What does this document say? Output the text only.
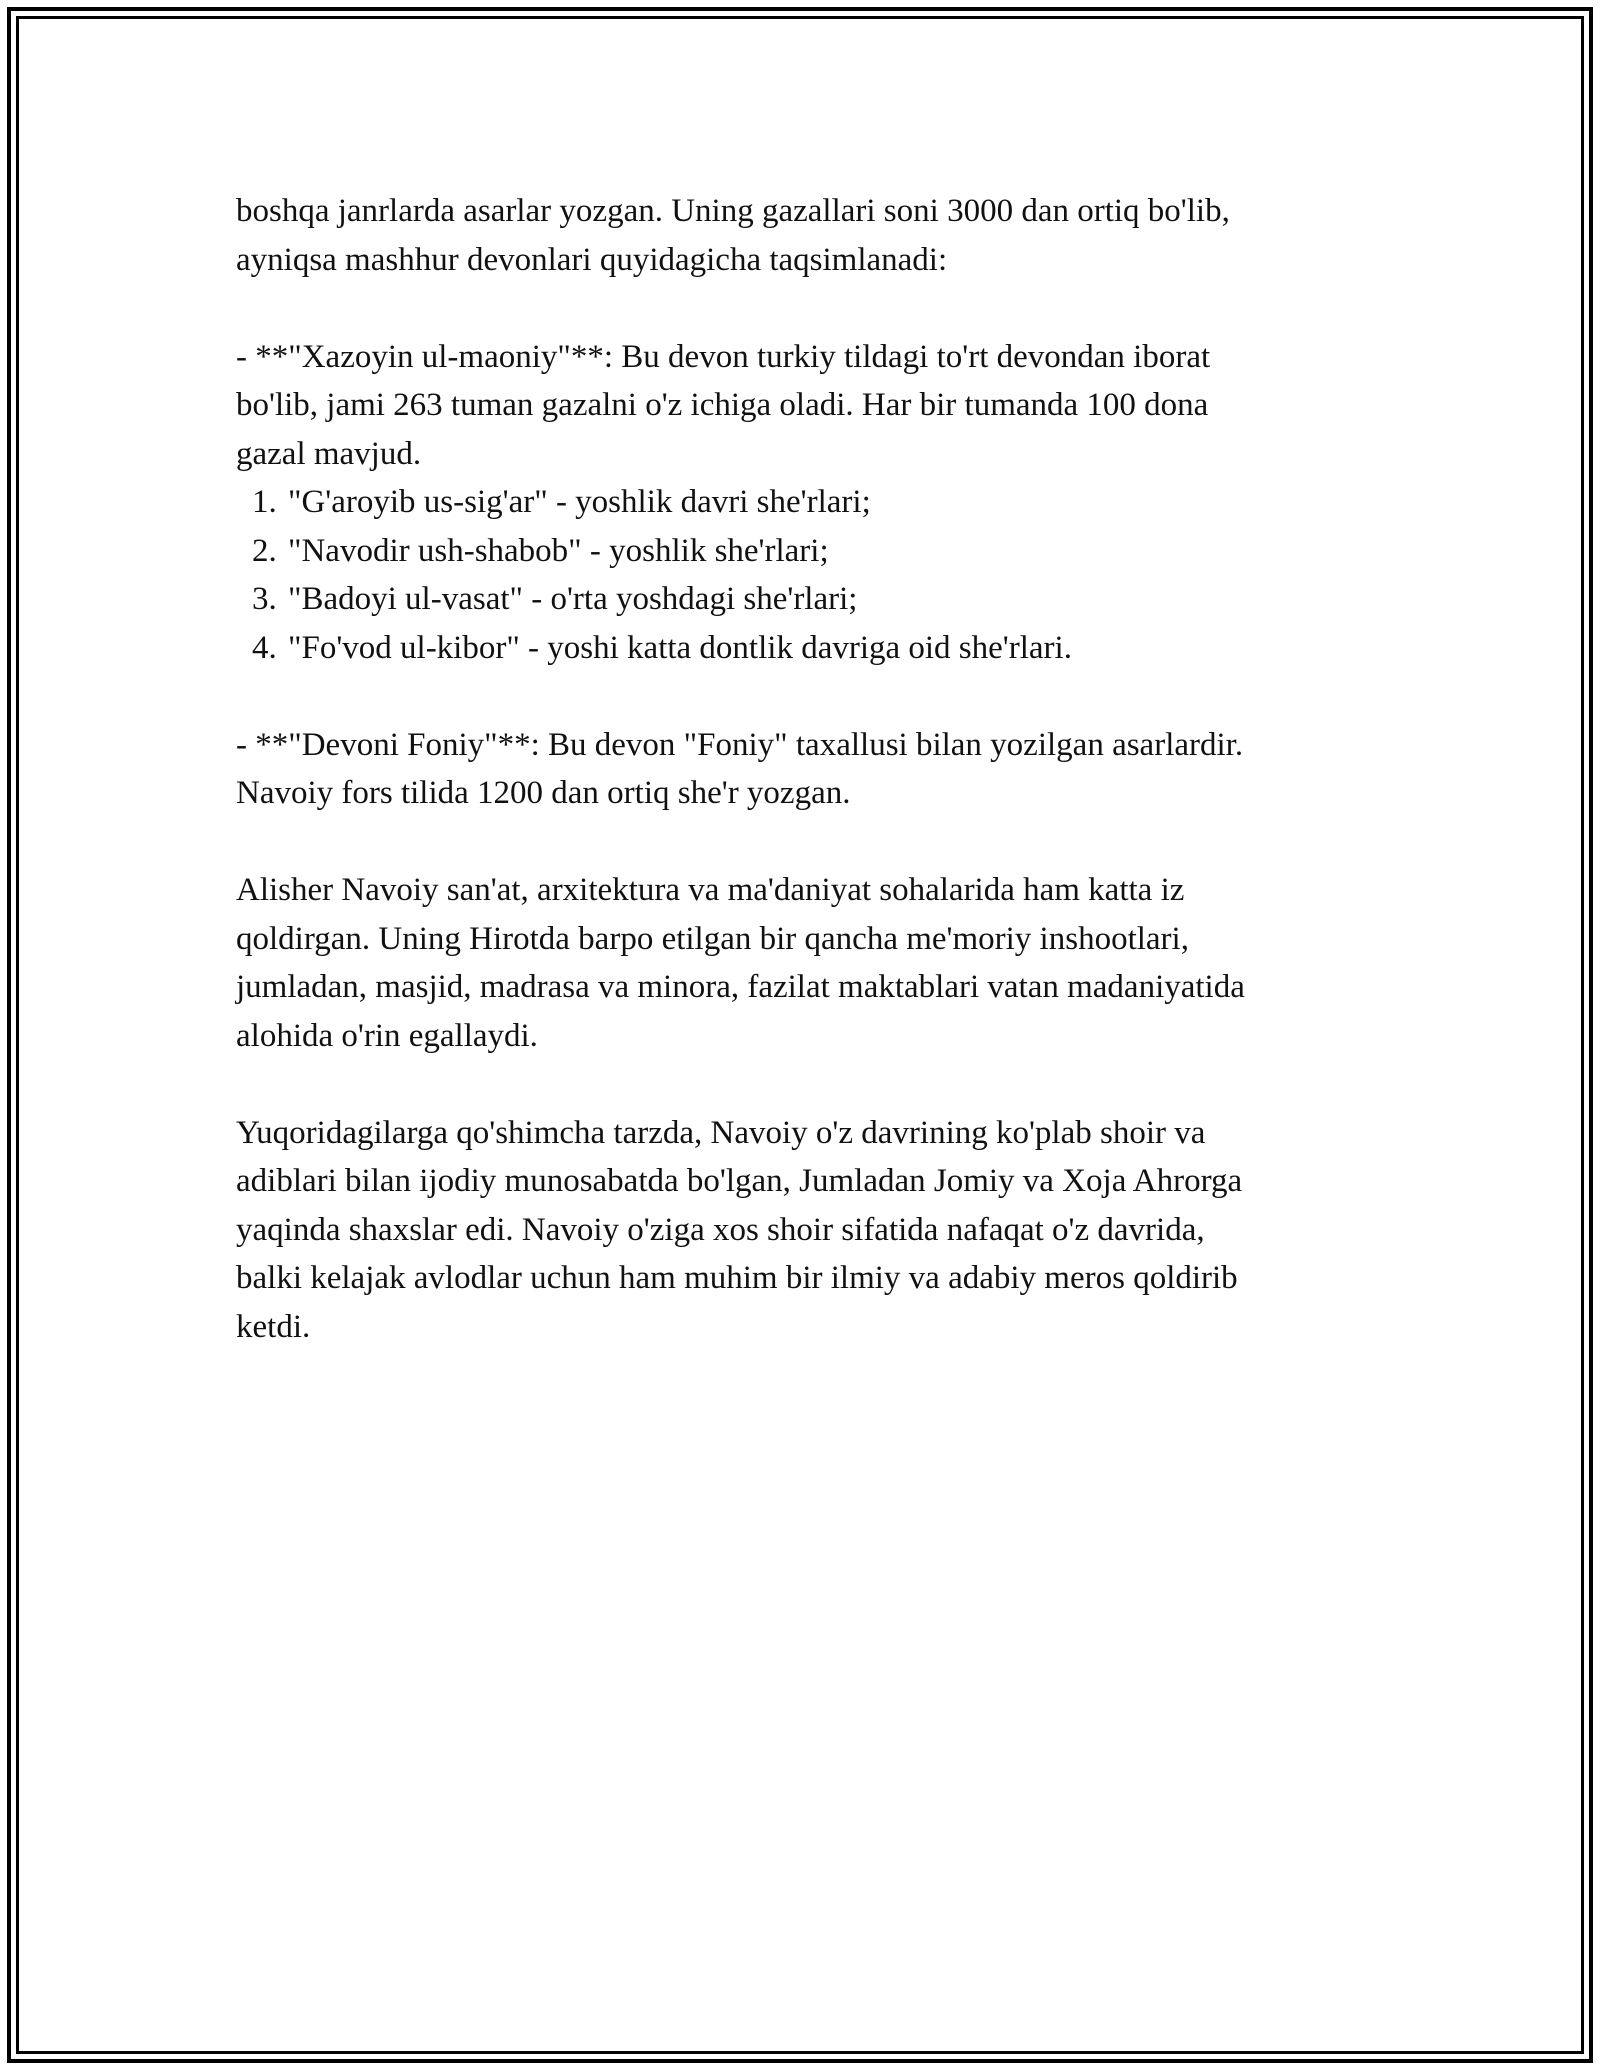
boshqa janrlarda asarlar yozgan. Uning gazallari soni 3000 dan ortiq bo'lib,
ayniqsa mashhur devonlari quyidagicha taqsimlanadi:
- **"Xazoyin ul-maoniy"**: Bu devon turkiy tildagi to'rt devondan iborat
bo'lib, jami 263 tuman gazalni o'z ichiga oladi. Har bir tumanda 100 dona
gazal mavjud.
1. "G'aroyib us-sig'ar" - yoshlik davri she'rlari;
2. "Navodir ush-shabob" - yoshlik she'rlari;
3. "Badoyi ul-vasat" - o'rta yoshdagi she'rlari;
4. "Fo'vod ul-kibor" - yoshi katta dontlik davriga oid she'rlari.
- **"Devoni Foniy"**: Bu devon "Foniy" taxallusi bilan yozilgan asarlardir.
Navoiy fors tilida 1200 dan ortiq she'r yozgan.
Alisher Navoiy san'at, arxitektura va ma'daniyat sohalarida ham katta iz
qoldirgan. Uning Hirotda barpo etilgan bir qancha me'moriy inshootlari,
jumladan, masjid, madrasa va minora, fazilat maktablari vatan madaniyatida
alohida o'rin egallaydi.
Yuqoridagilarga qo'shimcha tarzda, Navoiy o'z davrining ko'plab shoir va
adiblari bilan ijodiy munosabatda bo'lgan, Jumladan Jomiy va Xoja Ahrorga
yaqinda shaxslar edi. Navoiy o'ziga xos shoir sifatida nafaqat o'z davrida,
balki kelajak avlodlar uchun ham muhim bir ilmiy va adabiy meros qoldirib
ketdi.
